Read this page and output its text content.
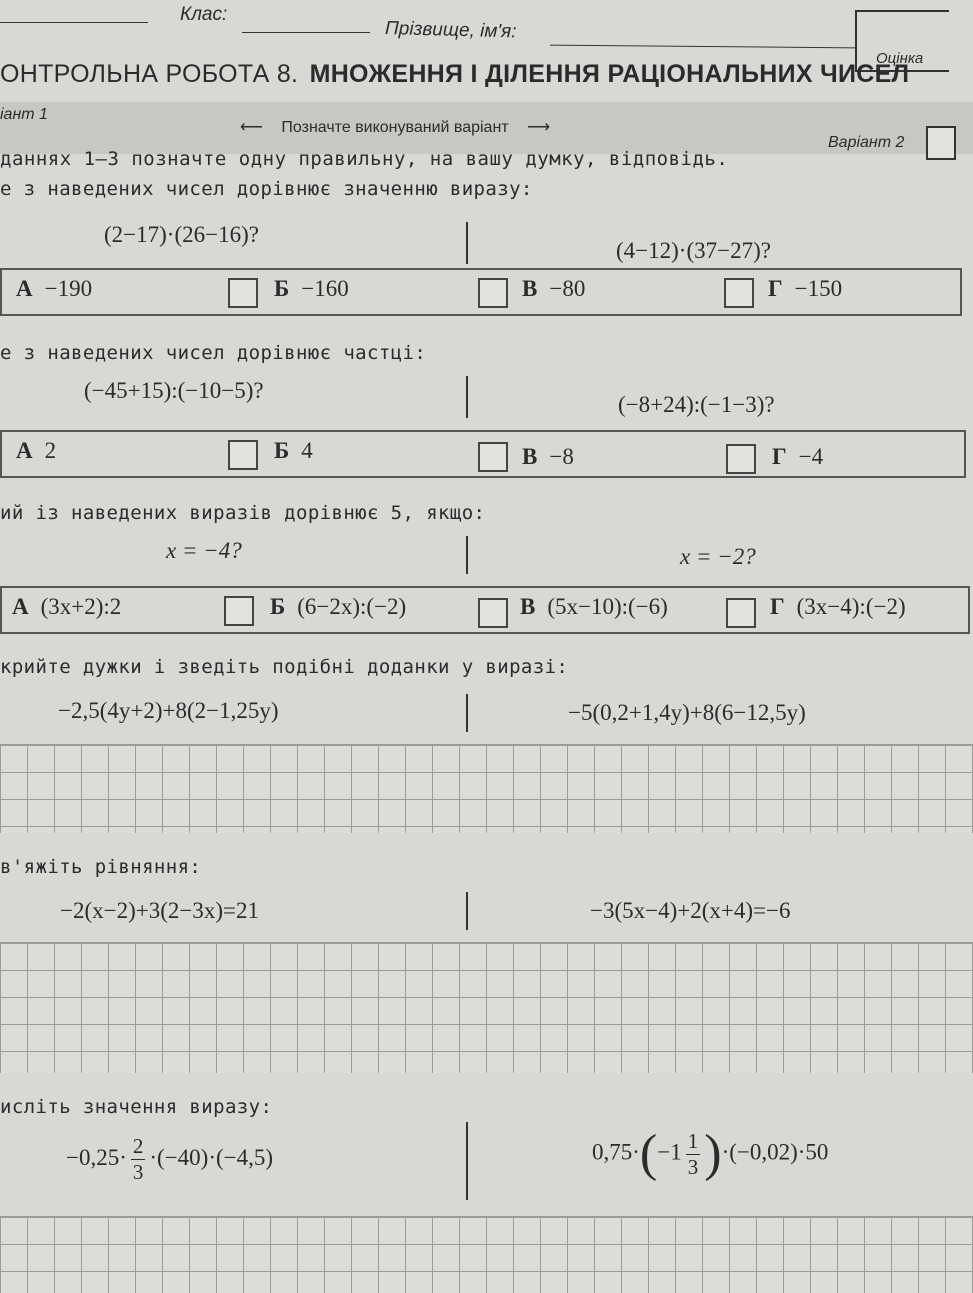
Клас:
Прізвище, ім'я:
Оцінка
ОНТРОЛЬНА РОБОТА 8. МНОЖЕННЯ І ДІЛЕННЯ РАЦІОНАЛЬНИХ ЧИСЕЛ
іант 1
⟵ Позначте виконуваний варіант ⟶
Варіант 2
даннях 1—3 позначте одну правильну, на вашу думку, відповідь.
е з наведених чисел дорівнює значенню виразу:
(2−17)·(26−16)?
(4−12)·(37−27)?
А −190	Б −160	В −80	Г −150
е з наведених чисел дорівнює частці:
(−45+15):(−10−5)?
(−8+24):(−1−3)?
А 2	Б 4	В −8	Г −4
ий із наведених виразів дорівнює 5, якщо:
x = −4?	x = −2?
А (3x+2):2	Б (6−2x):(−2)	В (5x−10):(−6)	Г (3x−4):(−2)
крийте дужки і зведіть подібні доданки у виразі:
−2,5(4y+2)+8(2−1,25y)	−5(0,2+1,4y)+8(6−12,5y)
в'яжіть рівняння:
−2(x−2)+3(2−3x)=21	−3(5x−4)+2(x+4)=−6
исліть значення виразу:
$-0,25\cdot \frac{2}{3} \cdot(-40)\cdot(-4,5)$	$0,75\cdot(-1 \frac{1}{3} )\cdot(-0,02)\cdot 50$
